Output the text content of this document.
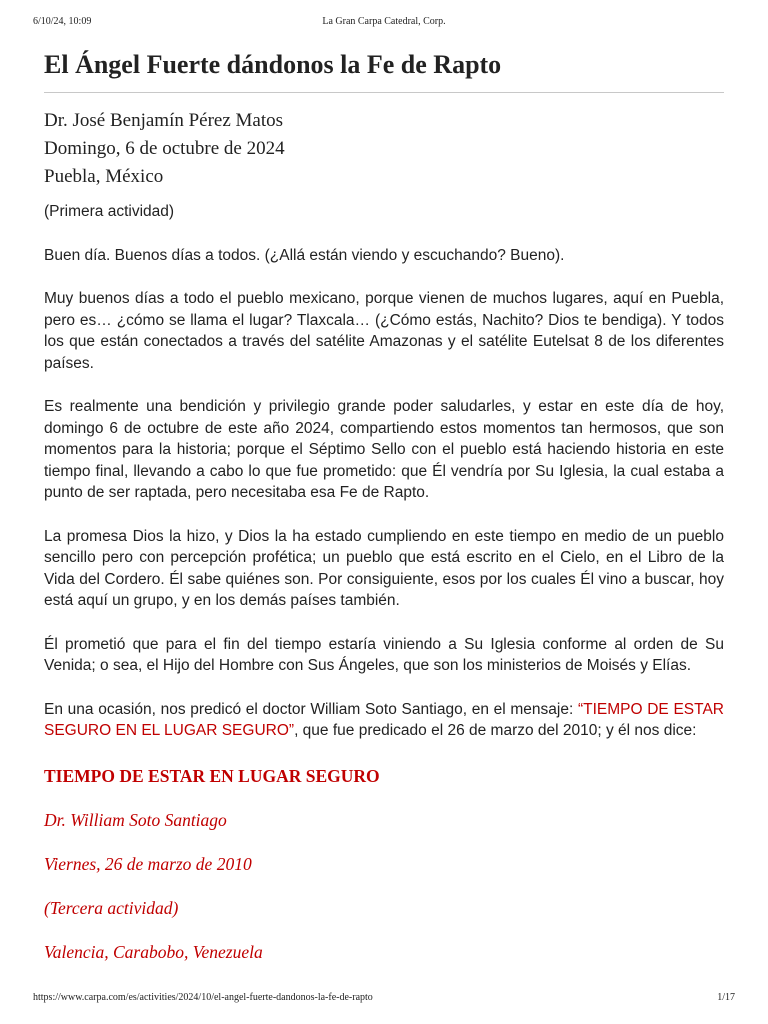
6/10/24, 10:09	La Gran Carpa Catedral, Corp.
El Ángel Fuerte dándonos la Fe de Rapto
Dr. José Benjamín Pérez Matos
Domingo, 6 de octubre de 2024
Puebla, México

(Primera actividad)

Buen día. Buenos días a todos. (¿Allá están viendo y escuchando? Bueno).

Muy buenos días a todo el pueblo mexicano, porque vienen de muchos lugares, aquí en Puebla, pero es… ¿cómo se llama el lugar? Tlaxcala… (¿Cómo estás, Nachito? Dios te bendiga). Y todos los que están conectados a través del satélite Amazonas y el satélite Eutelsat 8 de los diferentes países.

Es realmente una bendición y privilegio grande poder saludarles, y estar en este día de hoy, domingo 6 de octubre de este año 2024, compartiendo estos momentos tan hermosos, que son momentos para la historia; porque el Séptimo Sello con el pueblo está haciendo historia en este tiempo final, llevando a cabo lo que fue prometido: que Él vendría por Su Iglesia, la cual estaba a punto de ser raptada, pero necesitaba esa Fe de Rapto.

La promesa Dios la hizo, y Dios la ha estado cumpliendo en este tiempo en medio de un pueblo sencillo pero con percepción profética; un pueblo que está escrito en el Cielo, en el Libro de la Vida del Cordero. Él sabe quiénes son. Por consiguiente, esos por los cuales Él vino a buscar, hoy está aquí un grupo, y en los demás países también.

Él prometió que para el fin del tiempo estaría viniendo a Su Iglesia conforme al orden de Su Venida; o sea, el Hijo del Hombre con Sus Ángeles, que son los ministerios de Moisés y Elías.

En una ocasión, nos predicó el doctor William Soto Santiago, en el mensaje: “TIEMPO DE ESTAR SEGURO EN EL LUGAR SEGURO”, que fue predicado el 26 de marzo del 2010; y él nos dice:

TIEMPO DE ESTAR EN LUGAR SEGURO
Dr. William Soto Santiago
Viernes, 26 de marzo de 2010
(Tercera actividad)
Valencia, Carabobo, Venezuela
https://www.carpa.com/es/activities/2024/10/el-angel-fuerte-dandonos-la-fe-de-rapto	1/17
